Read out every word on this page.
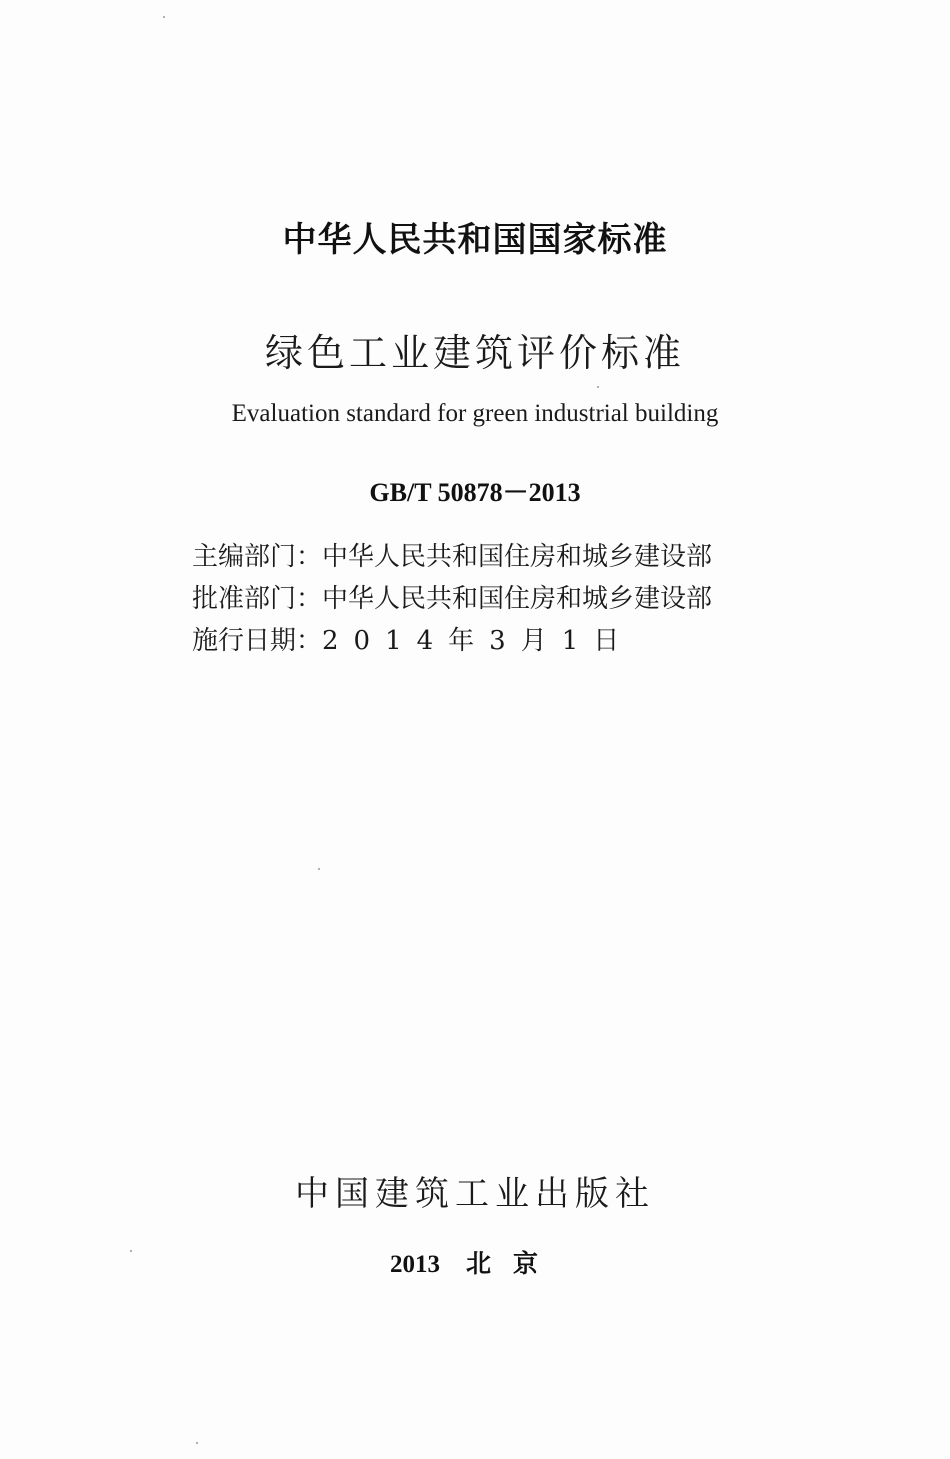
中华人民共和国国家标准
绿色工业建筑评价标准
Evaluation standard for green industrial building
GB/T 50878－2013
主编部门：中华人民共和国住房和城乡建设部
批准部门：中华人民共和国住房和城乡建设部
施行日期：2014年3月1日
中国建筑工业出版社
2013 北京
